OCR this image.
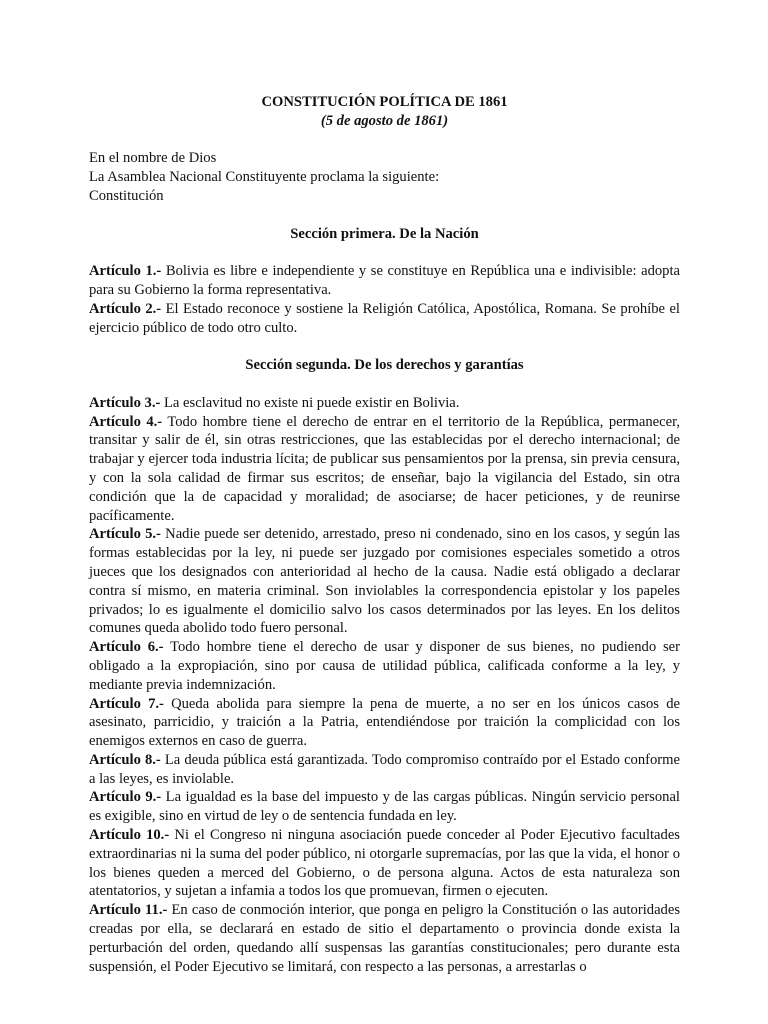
CONSTITUCIÓN POLÍTICA DE 1861

(5 de agosto de 1861)

En el nombre de Dios

La Asamblea Nacional Constituyente proclama la siguiente:

Constitución

Sección primera. De la Nación

Artículo 1.- Bolivia es libre e independiente y se constituye en República una e indivisible: adopta para su Gobierno la forma representativa.

Artículo 2.- El Estado reconoce y sostiene la Religión Católica, Apostólica, Romana. Se prohíbe el ejercicio público de todo otro culto.

Sección segunda. De los derechos y garantías

Artículo 3.- La esclavitud no existe ni puede existir en Bolivia.

Artículo 4.- Todo hombre tiene el derecho de entrar en el territorio de la República, permanecer, transitar y salir de él, sin otras restricciones, que las establecidas por el derecho internacional; de trabajar y ejercer toda industria lícita; de publicar sus pensamientos por la prensa, sin previa censura, y con la sola calidad de firmar sus escritos; de enseñar, bajo la vigilancia del Estado, sin otra condición que la de capacidad y moralidad; de asociarse; de hacer peticiones, y de reunirse pacíficamente.

Artículo 5.- Nadie puede ser detenido, arrestado, preso ni condenado, sino en los casos, y según las formas establecidas por la ley, ni puede ser juzgado por comisiones especiales sometido a otros jueces que los designados con anterioridad al hecho de la causa. Nadie está obligado a declarar contra sí mismo, en materia criminal. Son inviolables la correspondencia epistolar y los papeles privados; lo es igualmente el domicilio salvo los casos determinados por las leyes. En los delitos comunes queda abolido todo fuero personal.

Artículo 6.- Todo hombre tiene el derecho de usar y disponer de sus bienes, no pudiendo ser obligado a la expropiación, sino por causa de utilidad pública, calificada conforme a la ley, y mediante previa indemnización.

Artículo 7.- Queda abolida para siempre la pena de muerte, a no ser en los únicos casos de asesinato, parricidio, y traición a la Patria, entendiéndose por traición la complicidad con los enemigos externos en caso de guerra.

Artículo 8.- La deuda pública está garantizada. Todo compromiso contraído por el Estado conforme a las leyes, es inviolable.

Artículo 9.- La igualdad es la base del impuesto y de las cargas públicas. Ningún servicio personal es exigible, sino en virtud de ley o de sentencia fundada en ley.

Artículo 10.- Ni el Congreso ni ninguna asociación puede conceder al Poder Ejecutivo facultades extraordinarias ni la suma del poder público, ni otorgarle supremacías, por las que la vida, el honor o los bienes queden a merced del Gobierno, o de persona alguna. Actos de esta naturaleza son atentatorios, y sujetan a infamia a todos los que promuevan, firmen o ejecuten.

Artículo 11.- En caso de conmoción interior, que ponga en peligro la Constitución o las autoridades creadas por ella, se declarará en estado de sitio el departamento o provincia donde exista la perturbación del orden, quedando allí suspensas las garantías constitucionales; pero durante esta suspensión, el Poder Ejecutivo se limitará, con respecto a las personas, a arrestarlas o
